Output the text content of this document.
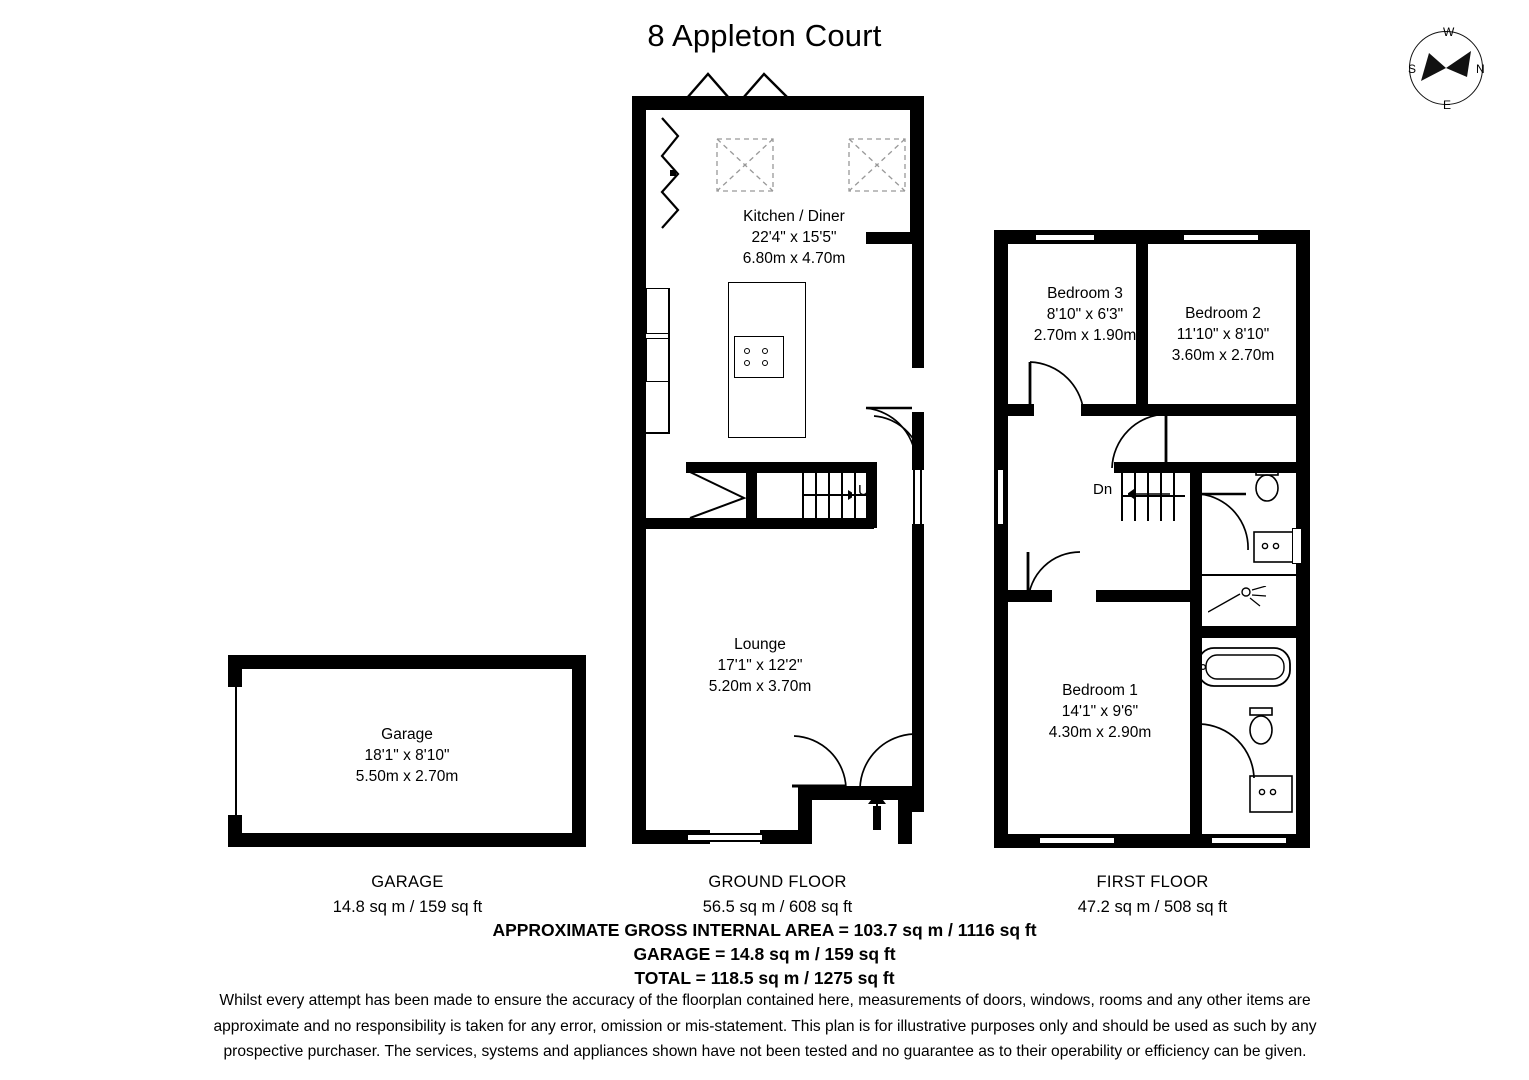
8 Appleton Court
N
S
W
E
Garage
18'1" x 8'10"
5.50m x 2.70m
Kitchen / Diner
22'4" x 15'5"
6.80m x 4.70m
Up
Lounge
17'1" x 12'2"
5.20m x 3.70m
Dn
Bedroom 3
8'10" x 6'3"
2.70m x 1.90m
Bedroom 2
11'10" x 8'10"
3.60m x 2.70m
Bedroom 1
14'1" x 9'6"
4.30m x 2.90m
GARAGE
14.8 sq m / 159 sq ft
GROUND FLOOR
56.5 sq m / 608 sq ft
FIRST FLOOR
47.2 sq m / 508 sq ft
APPROXIMATE GROSS INTERNAL AREA = 103.7 sq m / 1116 sq ft
GARAGE = 14.8 sq m / 159 sq ft
TOTAL = 118.5 sq m / 1275 sq ft
Whilst every attempt has been made to ensure the accuracy of the floorplan contained here, measurements of doors, windows, rooms and any other items are
approximate and no responsibility is taken for any error, omission or mis-statement. This plan is for illustrative purposes only and should be used as such by any
prospective purchaser. The services, systems and appliances shown have not been tested and no guarantee as to their operability or efficiency can be given.
